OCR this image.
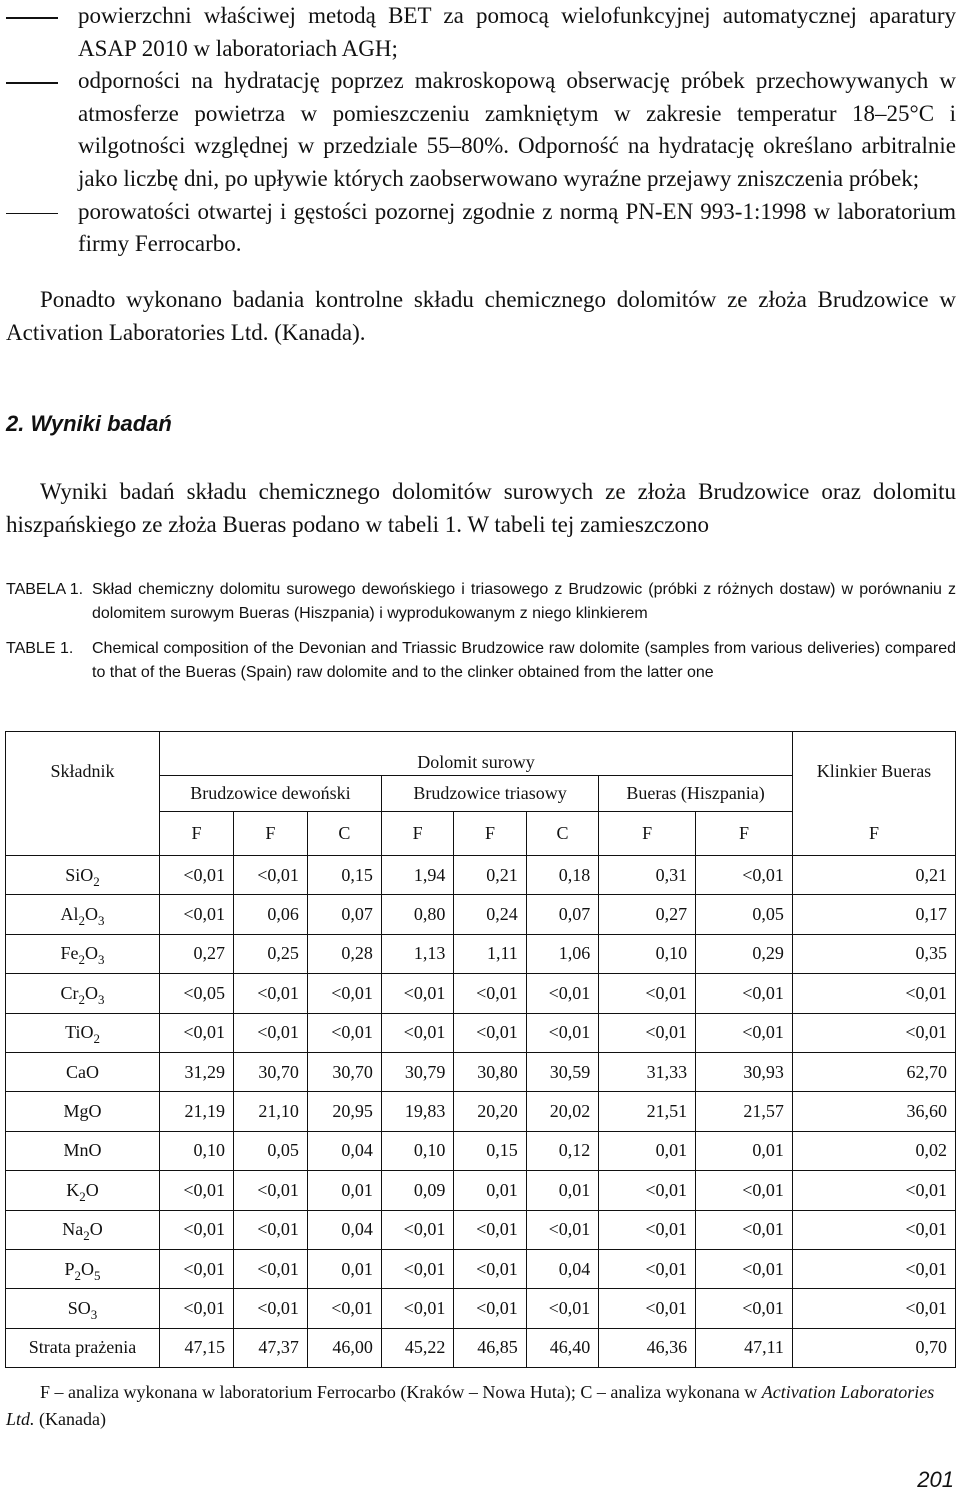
powierzchni właściwej metodą BET za pomocą wielofunkcyjnej automatycznej aparatury ASAP 2010 w laboratoriach AGH;
odporności na hydratację poprzez makroskopową obserwację próbek przechowywanych w atmosferze powietrza w pomieszczeniu zamkniętym w zakresie temperatur 18–25°C i wilgotności względnej w przedziale 55–80%. Odporność na hydratację określano arbitralnie jako liczbę dni, po upływie których zaobserwowano wyraźne przejawy zniszczenia próbek;
porowatości otwartej i gęstości pozornej zgodnie z normą PN-EN 993-1:1998 w laboratorium firmy Ferrocarbo.
Ponadto wykonano badania kontrolne składu chemicznego dolomitów ze złoża Brudzowice w Activation Laboratories Ltd. (Kanada).
2. Wyniki badań
Wyniki badań składu chemicznego dolomitów surowych ze złoża Brudzowice oraz dolomitu hiszpańskiego ze złoża Bueras podano w tabeli 1. W tabeli tej zamieszczono
TABELA 1. Skład chemiczny dolomitu surowego dewońskiego i triasowego z Brudzowic (próbki z różnych dostaw) w porównaniu z dolomitem surowym Bueras (Hiszpania) i wyprodukowanym z niego klinkierem
TABLE 1. Chemical composition of the Devonian and Triassic Brudzowice raw dolomite (samples from various deliveries) compared to that of the Bueras (Spain) raw dolomite and to the clinker obtained from the latter one
Składnik	Dolomit surowy								Klinkier Bueras
	Brudzowice dewoński			Brudzowice triasowy			Bueras (Hiszpania)		
	F	F	C	F	F	C	F	F	F
SiO$_2$	<0,01	<0,01	0,15	1,94	0,21	0,18	0,31	<0,01	0,21
$Al_2O_3$	<0,01	0,06	0,07	0,80	0,24	0,07	0,27	0,05	0,17
$Fe_2O_3$	0,27	0,25	0,28	1,13	1,11	1,06	0,10	0,29	0,35
$Cr_2O_3$	<0,05	<0,01	<0,01	<0,01	<0,01	<0,01	<0,01	<0,01	<0,01
TiO$_2$	<0,01	<0,01	<0,01	<0,01	<0,01	<0,01	<0,01	<0,01	<0,01
CaO	31,29	30,70	30,70	30,79	30,80	30,59	31,33	30,93	62,70
MgO	21,19	21,10	20,95	19,83	20,20	20,02	21,51	21,57	36,60
MnO	0,10	0,05	0,04	0,10	0,15	0,12	0,01	0,01	0,02
$K_2O$	<0,01	<0,01	0,01	0,09	0,01	0,01	<0,01	<0,01	<0,01
$Na_2O$	<0,01	<0,01	0,04	<0,01	<0,01	<0,01	<0,01	<0,01	<0,01
$P_2O_5$	<0,01	<0,01	0,01	<0,01	<0,01	0,04	<0,01	<0,01	<0,01
$SO_3$	<0,01	<0,01	<0,01	<0,01	<0,01	<0,01	<0,01	<0,01	<0,01
Strata prażenia	47,15	47,37	46,00	45,22	46,85	46,40	46,36	47,11	0,70
F – analiza wykonana w laboratorium Ferrocarbo (Kraków – Nowa Huta); C – analiza wykonana w Activation Laboratories Ltd. (Kanada)
201
